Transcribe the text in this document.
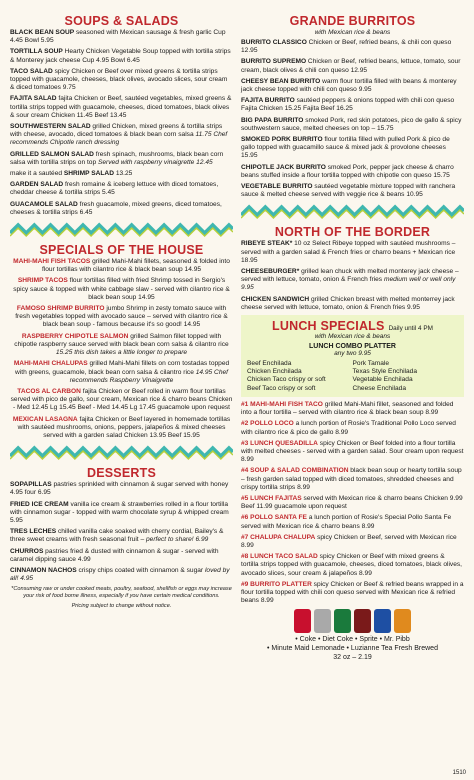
SOUPS & SALADS

BLACK BEAN SOUP seasoned with Mexican sausage & fresh garlic Cup 4.45 Bowl 5.95

TORTILLA SOUP Hearty Chicken Vegetable Soup topped with tortilla strips & Monterey jack cheese Cup 4.95 Bowl 6.45

TACO SALAD spicy Chicken or Beef over mixed greens & tortilla strips topped with guacamole, cheeses, black olives, avocado slices, sour cream & diced tomatoes 9.75

FAJITA SALAD fajita Chicken or Beef, sautéed vegetables, mixed greens & tortilla strips topped with guacamole, cheeses, diced tomatoes, black olives & sour cream Chicken 11.45 Beef 13.45

SOUTHWESTERN SALAD grilled Chicken, mixed greens & tortilla strips with cheese, avocado, diced tomatoes & black bean corn salsa 11.75 Chef recommends Chipotle ranch dressing

GRILLED SALMON SALAD fresh spinach, mushrooms, black bean corn salsa with tortilla strips on top Served with raspberry vinaigrette 12.45

make it a sautéed SHRIMP SALAD 13.25

GARDEN SALAD fresh romaine & iceberg lettuce with diced tomatoes, cheddar cheese & tortilla strips 5.45

GUACAMOLE SALAD fresh guacamole, mixed greens, diced tomatoes, cheeses & tortilla strips 6.45

SPECIALS OF THE HOUSE

MAHI-MAHI FISH TACOS grilled Mahi-Mahi fillets, seasoned & folded into flour tortillas with cilantro rice & black bean soup 14.95

SHRIMP TACOS flour tortillas filled with fried Shrimp tossed in Sergio's spicy sauce & topped with white cabbage slaw - served with cilantro rice & black bean soup 14.95

FAMOSO SHRIMP BURRITO jumbo Shrimp in zesty tomato sauce with fresh vegetables topped with avocado sauce – served with cilantro rice & black bean soup - famous because it's so good! 14.95

RASPBERRY CHIPOTLE SALMON grilled Salmon fillet topped with chipotle raspberry sauce served with black bean corn salsa & cilantro rice 15.25 this dish takes a little longer to prepare

MAHI-MAHI CHALUPAS grilled Mahi-Mahi fillets on corn tostadas topped with greens, guacamole, black bean corn salsa & cilantro rice 14.95 Chef recommends Raspberry Vinaigrette

TACOS AL CARBON fajita Chicken or Beef rolled in warm flour tortillas served with pico de gallo, sour cream, Mexican rice & charro beans Chicken - Med 12.45 Lg 15.45 Beef - Med 14.45 Lg 17.45 guacamole upon request

MEXICAN LASAGNA fajita Chicken or Beef layered in homemade tortillas with sautéed mushrooms, onions, peppers, jalapeños & mixed cheeses served with a garden salad Chicken 13.95 Beef 15.95

DESSERTS

SOPAPILLAS pastries sprinkled with cinnamon & sugar served with honey 4.95 four 6.95

FRIED ICE CREAM vanilla ice cream & strawberries rolled in a flour tortilla with cinnamon sugar - topped with warm chocolate syrup & whipped cream 5.95

TRES LECHES chilled vanilla cake soaked with cherry cordial, Bailey's & three sweet creams with fresh seasonal fruit – perfect to share! 6.99

CHURROS pastries fried & dusted with cinnamon & sugar - served with caramel dipping sauce 4.99

CINNAMON NACHOS crispy chips coated with cinnamon & sugar loved by all! 4.95

*Consuming raw or under cooked meats, poultry, seafood, shellfish or eggs may increase your risk of food borne illness, especially if you have certain medical conditions.
Pricing subject to change without notice.
GRANDE BURRITOS
with Mexican rice & beans

BURRITO CLASSICO Chicken or Beef, refried beans, & chili con queso 12.95

BURRITO SUPREMO Chicken or Beef, refried beans, lettuce, tomato, sour cream, black olives & chili con queso 12.95

CHEESY BEAN BURRITO warm flour tortilla filled with beans & monterey jack cheese topped with chili con queso 9.95

FAJITA BURRITO sautéed peppers & onions topped with chili con queso Fajita Chicken 15.25 Fajita Beef 16.25

BIG PAPA BURRITO smoked Pork, red skin potatoes, pico de gallo & spicy southwestern sauce, melted cheeses on top – 15.75

SMOKED PORK BURRITO flour tortilla filled with pulled Pork & pico de gallo topped with guacamillo sauce & mixed jack & provolone cheeses 15.95

CHIPOTLE JACK BURRITO smoked Pork, pepper jack cheese & charro beans stuffed inside a flour tortilla topped with chipotle con queso 15.75

VEGETABLE BURRITO sautéed vegetable mixture topped with ranchera sauce & melted cheese served with veggie rice & beans 10.95

NORTH OF THE BORDER

RIBEYE STEAK* 10 oz Select Ribeye topped with sautéed mushrooms – served with a garden salad & French fries or charro beans + Mexican rice 18.95

CHEESEBURGER* grilled lean chuck with melted monterey jack cheese – served with lettuce, tomato, onion & French fries medium well or well only 9.95

CHICKEN SANDWICH grilled Chicken breast with melted monterrey jack cheese served with lettuce, tomato, onion & French fries 9.95

LUNCH SPECIALS Daily until 4 PM
with Mexican rice & beans
LUNCH COMBO PLATTER
any two 9.95
Beef Enchilada	Pork Tamale
Chicken Enchilada	Texas Style Enchilada
Chicken Taco crispy or soft	Vegetable Enchilada
Beef Taco crispy or soft	Cheese Enchilada

#1 MAHI-MAHI FISH TACO grilled Mahi-Mahi fillet, seasoned and folded into a flour tortilla – served with cilantro rice & black bean soup 8.99

#2 POLLO LOCO a lunch portion of Rosie's Traditional Pollo Loco served with cilantro rice & pico de gallo 8.99

#3 LUNCH QUESADILLA spicy Chicken or Beef folded into a flour tortilla with melted cheeses - served with a garden salad. Sour cream upon request 8.99

#4 SOUP & SALAD COMBINATION black bean soup or hearty tortilla soup – fresh garden salad topped with diced tomatoes, shredded cheeses and crispy tortilla strips 8.99

#5 LUNCH FAJITAS served with Mexican rice & charro beans Chicken 9.99 Beef 11.99 guacamole upon request

#6 POLLO SANTA FE a lunch portion of Rosie's Special Pollo Santa Fe served with Mexican rice & charro beans 8.99

#7 CHALUPA CHALUPA spicy Chicken or Beef, served with Mexican rice 8.99

#8 LUNCH TACO SALAD spicy Chicken or Beef with mixed greens & tortilla strips topped with guacamole, cheeses, diced tomatoes, black olives, avocado slices, sour cream & jalapeños 8.99

#9 BURRITO PLATTER spicy Chicken or Beef & refried beans wrapped in a flour tortilla topped with chili con queso served with Mexican rice & refried beans 8.99

• Coke • Diet Coke • Sprite • Mr. Pibb
• Minute Maid Lemonade • Luzianne Tea Fresh Brewed
32 oz – 2.19
1510
